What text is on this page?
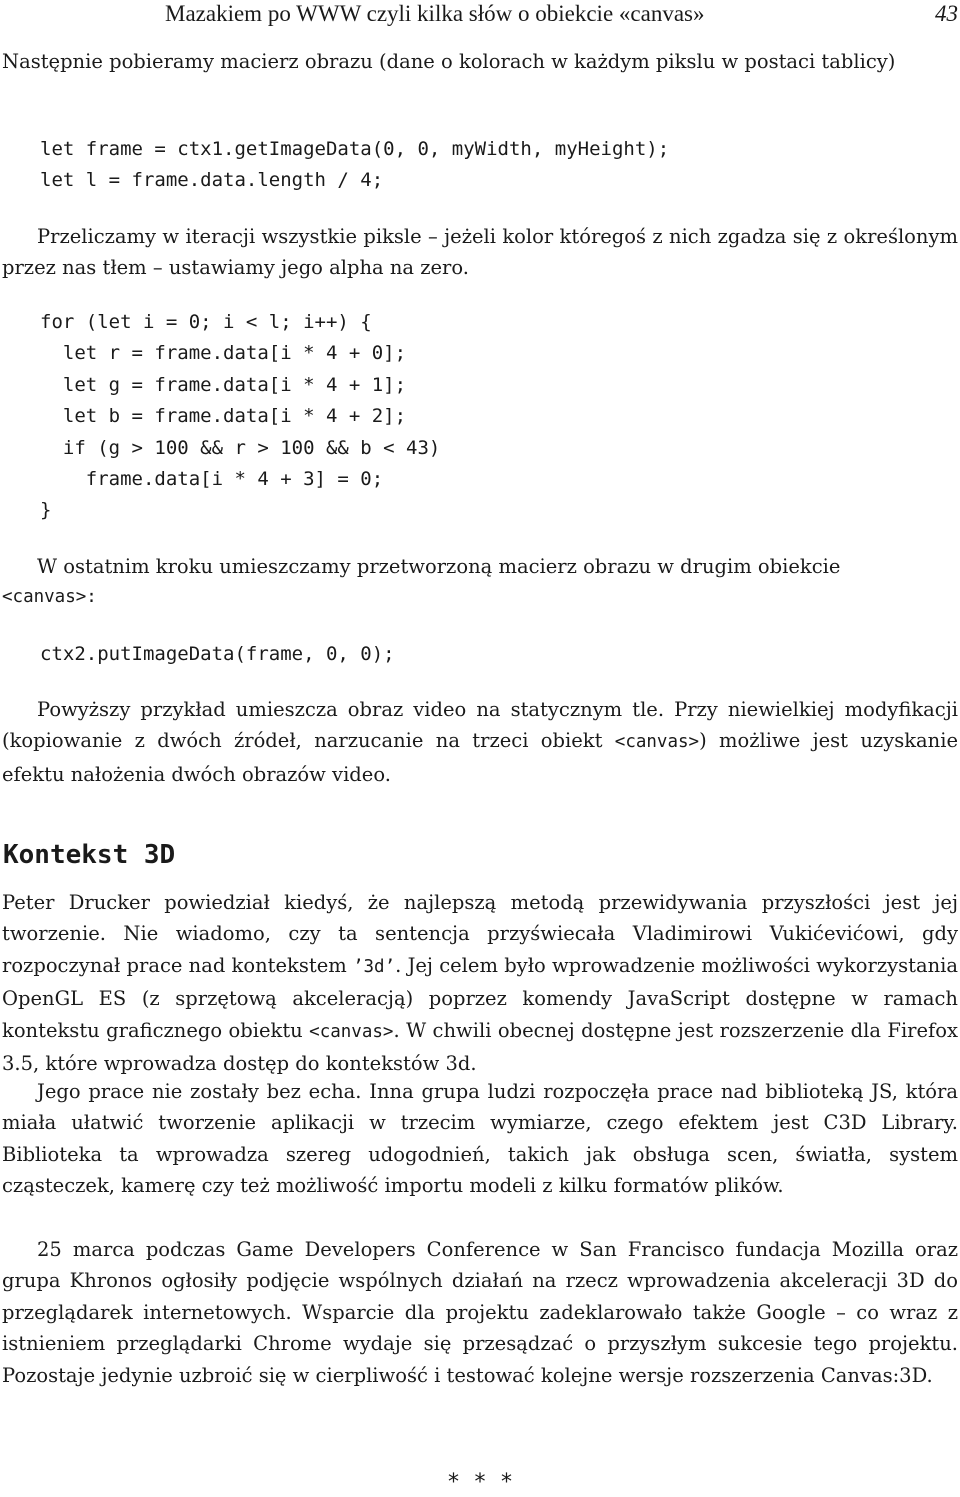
Mazakiem po WWW czyli kilka słów o obiekcie «canvas»	43

Następnie pobieramy macierz obrazu (dane o kolorach w każdym pikslu w postaci tablicy)

let frame = ctx1.getImageData(0, 0, myWidth, myHeight);
let l = frame.data.length / 4;

Przeliczamy w iteracji wszystkie piksle – jeżeli kolor któregoś z nich zgadza się z określonym przez nas tłem – ustawiamy jego alpha na zero.

for (let i = 0; i < l; i++) {
let r = frame.data[i * 4 + 0];
let g = frame.data[i * 4 + 1];
let b = frame.data[i * 4 + 2];
if (g > 100 && r > 100 && b < 43)
frame.data[i * 4 + 3] = 0;
}

W ostatnim kroku umieszczamy przetworzoną macierz obrazu w drugim obiekcie
<canvas>:

ctx2.putImageData(frame, 0, 0);

Powyższy przykład umieszcza obraz video na statycznym tle. Przy niewielkiej modyfikacji (kopiowanie z dwóch źródeł, narzucanie na trzeci obiekt <canvas>) możliwe jest uzyskanie efektu nałożenia dwóch obrazów video.

Kontekst 3D

Peter Drucker powiedział kiedyś, że najlepszą metodą przewidywania przyszłości jest jej tworzenie. Nie wiadomo, czy ta sentencja przyświecała Vladimirowi Vukićevićowi, gdy rozpoczynał prace nad kontekstem ’3d’. Jej celem było wprowadzenie możliwości wykorzystania OpenGL ES (z sprzętową akceleracją) poprzez komendy JavaScript dostępne w ramach kontekstu graficznego obiektu <canvas>. W chwili obecnej dostępne jest rozszerzenie dla Firefox 3.5, które wprowadza dostęp do kontekstów 3d.

Jego prace nie zostały bez echa. Inna grupa ludzi rozpoczęła prace nad biblioteką JS, która miała ułatwić tworzenie aplikacji w trzecim wymiarze, czego efektem jest C3D Library. Biblioteka ta wprowadza szereg udogodnień, takich jak obsługa scen, światła, system cząsteczek, kamerę czy też możliwość importu modeli z kilku formatów plików.

25 marca podczas Game Developers Conference w San Francisco fundacja Mozilla oraz grupa Khronos ogłosiły podjęcie wspólnych działań na rzecz wprowadzenia akceleracji 3D do przeglądarek internetowych. Wsparcie dla projektu zadeklarowało także Google – co wraz z istnieniem przeglądarki Chrome wydaje się przesądzać o przyszłym sukcesie tego projektu. Pozostaje jedynie uzbroić się w cierpliwość i testować kolejne wersje rozszerzenia Canvas:3D.

* * *
